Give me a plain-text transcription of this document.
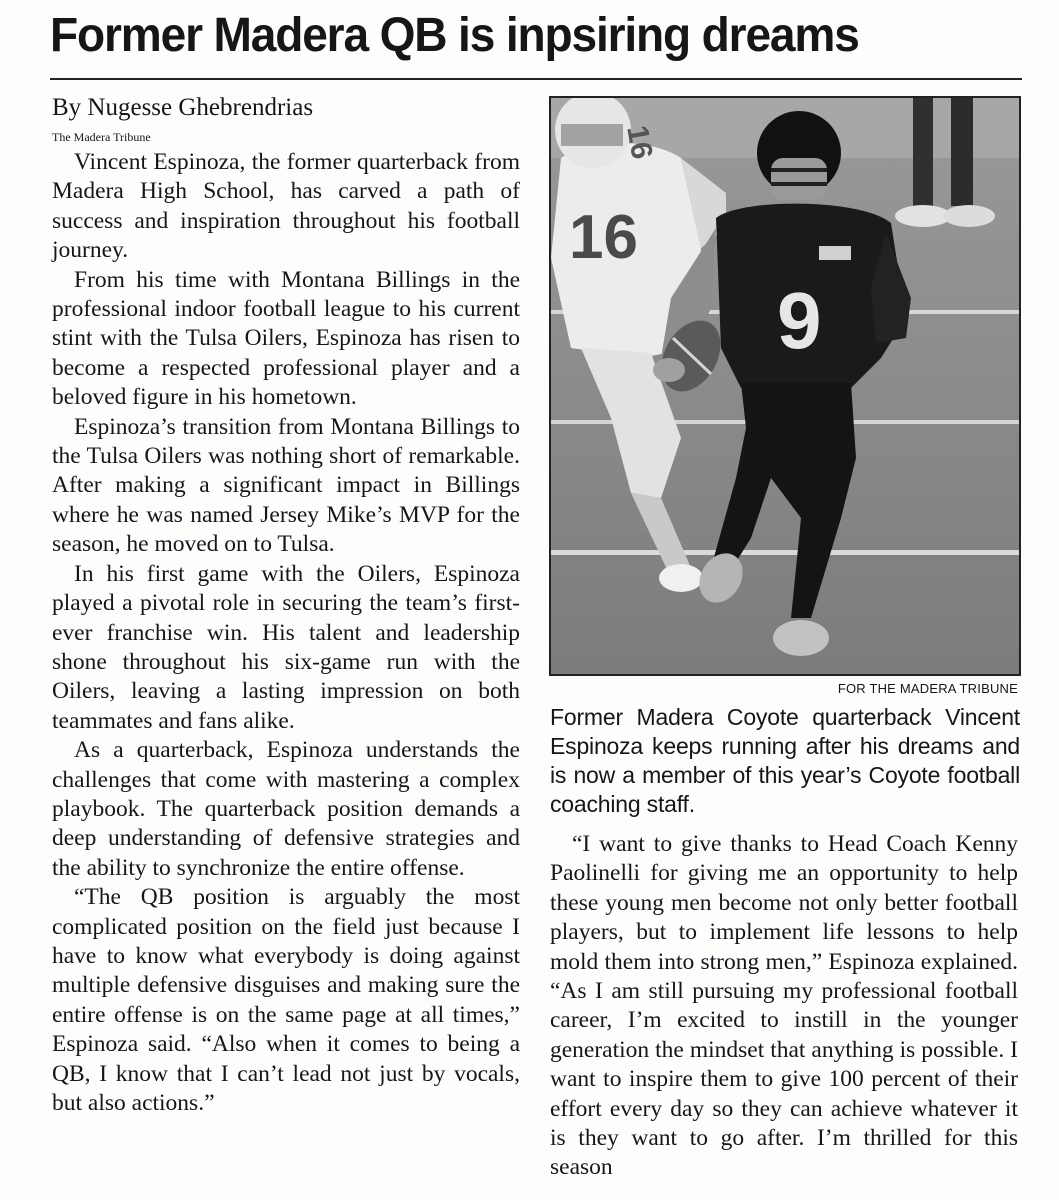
Former Madera QB is inpsiring dreams
By Nugesse Ghebrendrias
The Madera Tribune

Vincent Espinoza, the former quarterback from Madera High School, has carved a path of success and inspiration throughout his football journey.

From his time with Montana Billings in the professional indoor football league to his current stint with the Tulsa Oilers, Espinoza has risen to become a respected professional player and a beloved figure in his hometown.

Espinoza’s transition from Montana Billings to the Tulsa Oilers was nothing short of remarkable. After making a significant impact in Billings where he was named Jersey Mike’s MVP for the season, he moved on to Tulsa.

In his first game with the Oilers, Espinoza played a pivotal role in securing the team’s first-ever franchise win. His talent and leadership shone throughout his six-game run with the Oilers, leaving a lasting impression on both teammates and fans alike.

As a quarterback, Espinoza understands the challenges that come with mastering a complex playbook. The quarterback position demands a deep understanding of defensive strategies and the ability to synchronize the entire offense.

“The QB position is arguably the most complicated position on the field just because I have to know what everybody is doing against multiple defensive disguises and making sure the entire offense is on the same page at all times,” Espinoza said. “Also when it comes to being a QB, I know that I can’t lead not just by vocals, but also actions.”

16
16
9
FOR THE MADERA TRIBUNE
Former Madera Coyote quarterback Vincent Espinoza keeps running after his dreams and is now a member of this year’s Coyote football coaching staff.

“I want to give thanks to Head Coach Kenny Paolinelli for giving me an opportunity to help these young men become not only better football players, but to implement life lessons to help mold them into strong men,” Espinoza explained. “As I am still pursuing my professional football career, I’m excited to instill in the younger generation the mindset that anything is possible. I want to inspire them to give 100 percent of their effort every day so they can achieve whatever it is they want to go after. I’m thrilled for this season
